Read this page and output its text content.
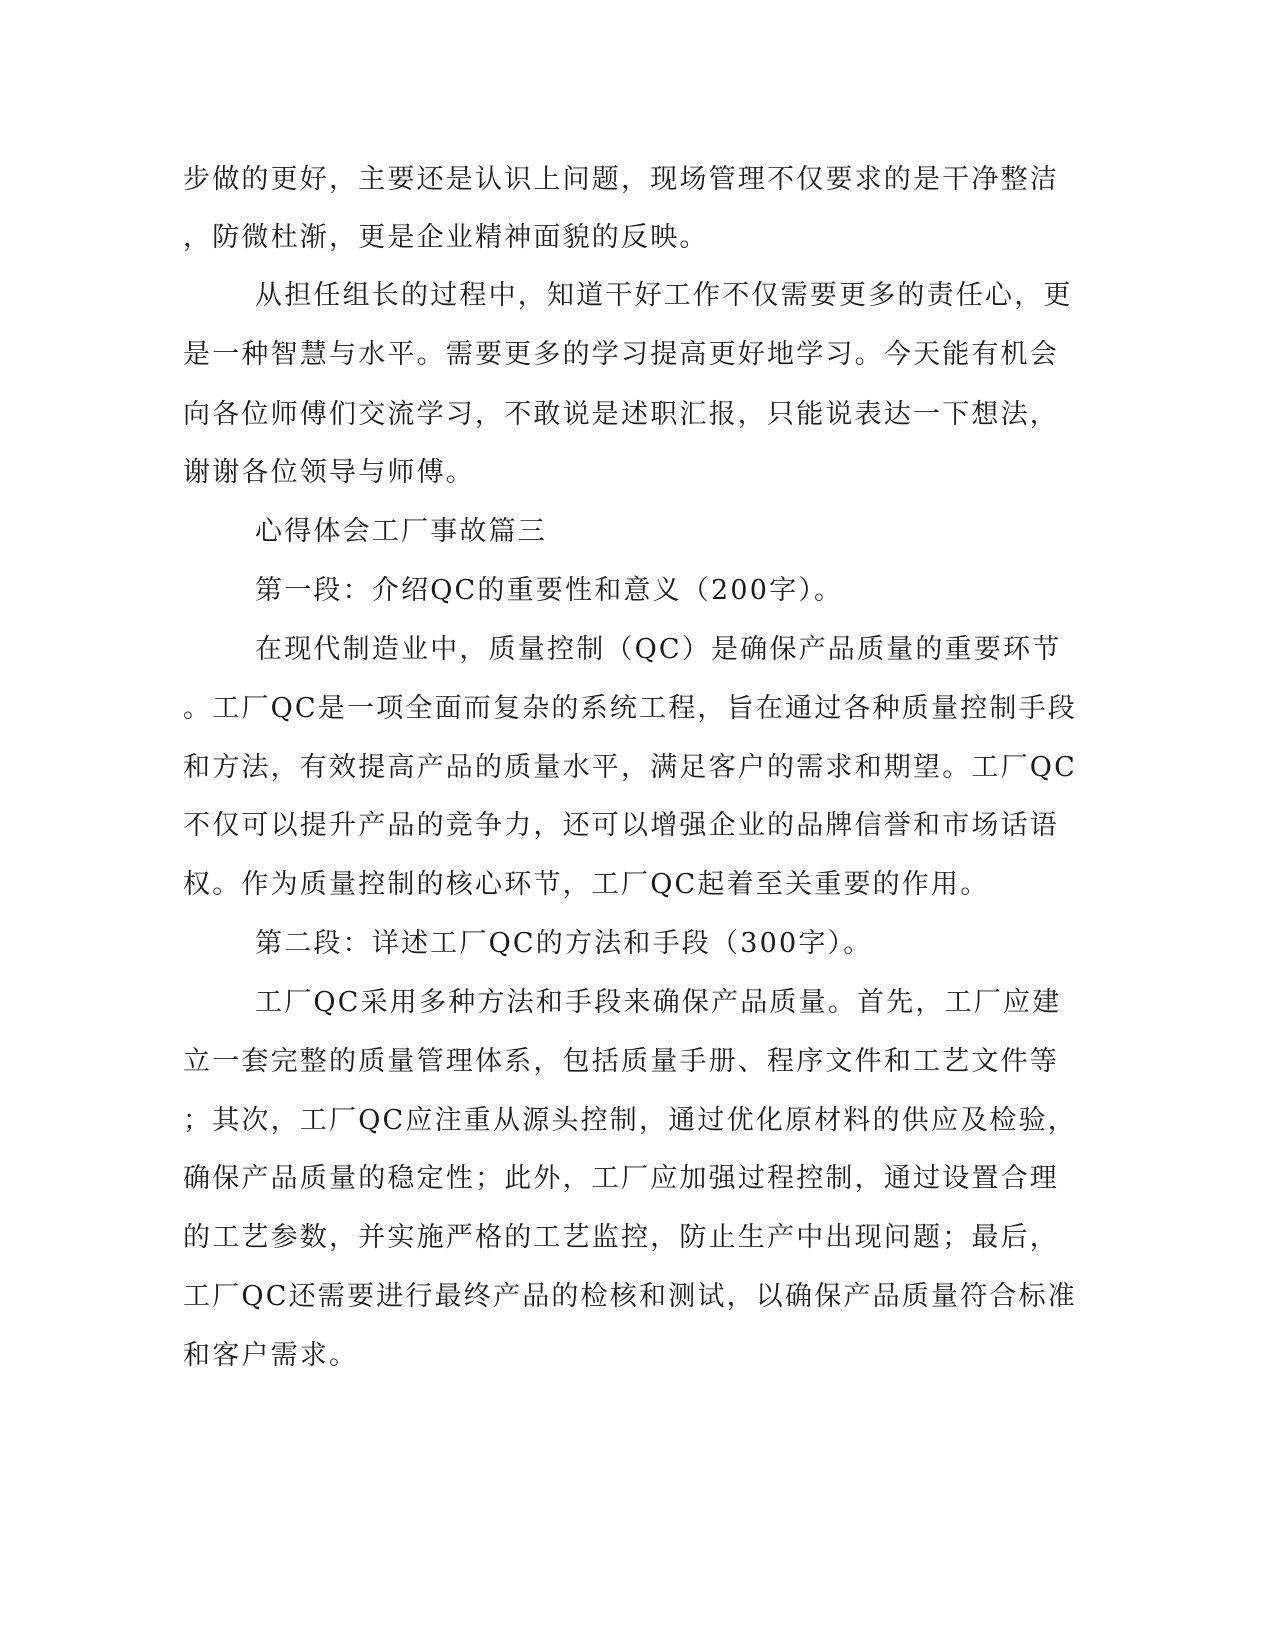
步做的更好，主要还是认识上问题，现场管理不仅要求的是干净整洁
，防微杜渐，更是企业精神面貌的反映。
从担任组长的过程中，知道干好工作不仅需要更多的责任心，更
是一种智慧与水平。需要更多的学习提高更好地学习。今天能有机会
向各位师傅们交流学习，不敢说是述职汇报，只能说表达一下想法，
谢谢各位领导与师傅。
心得体会工厂事故篇三
第一段：介绍QC的重要性和意义（200字）。
在现代制造业中，质量控制（QC）是确保产品质量的重要环节
。工厂QC是一项全面而复杂的系统工程，旨在通过各种质量控制手段
和方法，有效提高产品的质量水平，满足客户的需求和期望。工厂QC
不仅可以提升产品的竞争力，还可以增强企业的品牌信誉和市场话语
权。作为质量控制的核心环节，工厂QC起着至关重要的作用。
第二段：详述工厂QC的方法和手段（300字）。
工厂QC采用多种方法和手段来确保产品质量。首先，工厂应建
立一套完整的质量管理体系，包括质量手册、程序文件和工艺文件等
；其次，工厂QC应注重从源头控制，通过优化原材料的供应及检验，
确保产品质量的稳定性；此外，工厂应加强过程控制，通过设置合理
的工艺参数，并实施严格的工艺监控，防止生产中出现问题；最后，
工厂QC还需要进行最终产品的检核和测试，以确保产品质量符合标准
和客户需求。
